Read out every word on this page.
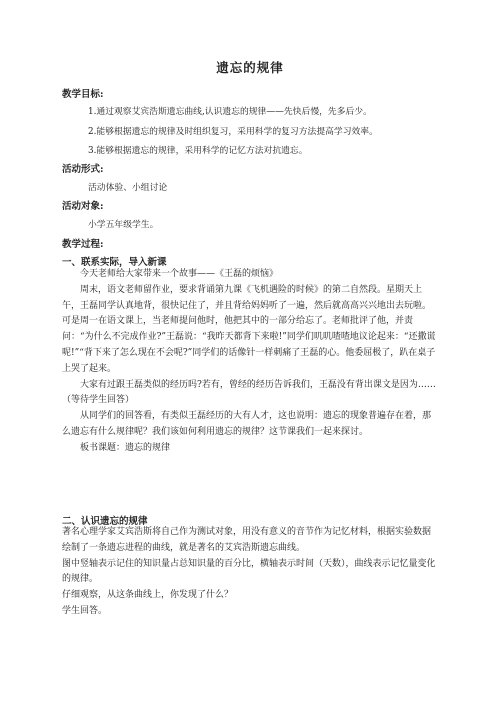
遗忘的规律
教学目标:
1.通过观察艾宾浩斯遗忘曲线,认识遗忘的规律——先快后慢，先多后少。
2.能够根据遗忘的规律及时组织复习，采用科学的复习方法提高学习效率。
3.能够根据遗忘的规律，采用科学的记忆方法对抗遗忘。
活动形式:
活动体验、小组讨论
活动对象:
小学五年级学生。
教学过程:
一、联系实际，导入新课

今天老师给大家带来一个故事——《王磊的烦恼》

周末，语文老师留作业，要求背诵第九课《飞机遇险的时候》的第二自然段。星期天上午，王磊同学认真地背，很快记住了，并且背给妈妈听了一遍，然后就高高兴兴地出去玩啦。可是周一在语文课上，当老师提问他时，他把其中的一部分给忘了。老师批评了他，并责问：“为什么不完成作业?”王磊说：“我昨天都背下来啦!”同学们叽叽喳喳地议论起来：“还撒谎呢!”“背下来了怎么现在不会呢?”同学们的话像针一样刺痛了王磊的心。他委屈极了，趴在桌子上哭了起来。

大家有过跟王磊类似的经历吗?若有，曾经的经历告诉我们，王磊没有背出课文是因为……（等待学生回答）

从同学们的回答看，有类似王磊经历的大有人才，这也说明：遗忘的现象普遍存在着，那么遗忘有什么规律呢？我们该如何利用遗忘的规律？这节课我们一起来探讨。

板书课题：遗忘的规律

二、认识遗忘的规律

著名心理学家艾宾浩斯将自己作为测试对象，用没有意义的音节作为记忆材料，根据实验数据绘制了一条遗忘进程的曲线，就是著名的艾宾浩斯遗忘曲线。

图中竖轴表示记住的知识量占总知识量的百分比，横轴表示时间（天数），曲线表示记忆量变化的规律。

仔细观察，从这条曲线上，你发现了什么？

学生回答。
